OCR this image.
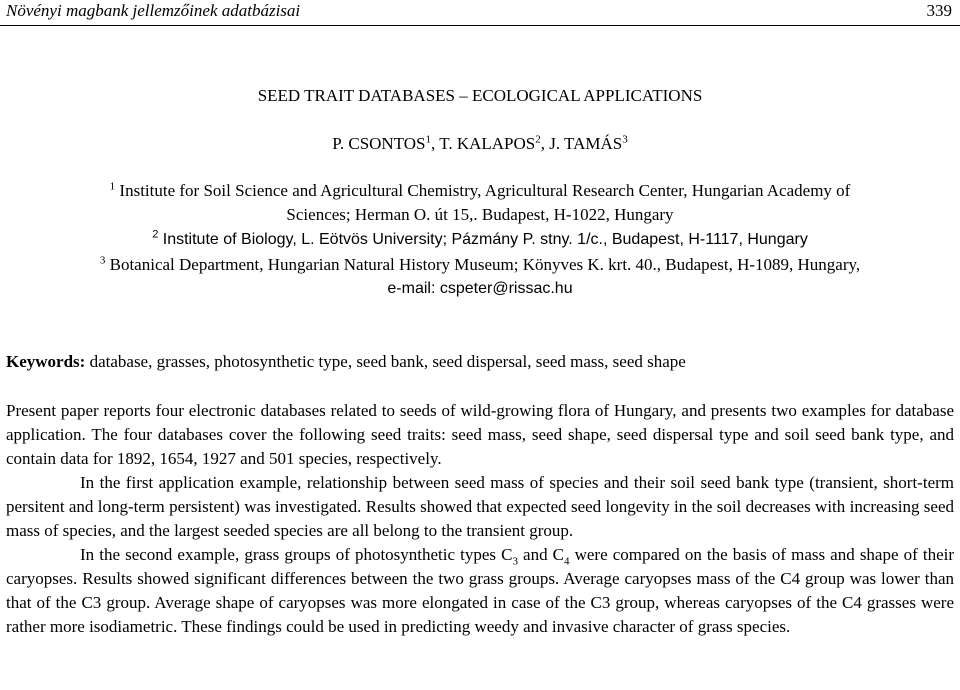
Növényi magbank jellemzőinek adatbázisai	339
SEED TRAIT DATABASES – ECOLOGICAL APPLICATIONS
P. CSONTOS$^1$, T. KALAPOS$^2$, J. TAMÁS$^3$
$^1$ Institute for Soil Science and Agricultural Chemistry, Agricultural Research Center, Hungarian Academy of
Sciences; Herman O. út 15,. Budapest, H-1022, Hungary
$^2$ Institute of Biology, L. Eötvös University; Pázmány P. stny. 1/c., Budapest, H-1117, Hungary
$^3$ Botanical Department, Hungarian Natural History Museum; Könyves K. krt. 40., Budapest, H-1089, Hungary,
e-mail: cspeter@rissac.hu
Keywords: database, grasses, photosynthetic type, seed bank, seed dispersal, seed mass, seed shape

Present paper reports four electronic databases related to seeds of wild-growing flora of Hungary, and presents two examples for database application. The four databases cover the following seed traits: seed mass, seed shape, seed dispersal type and soil seed bank type, and contain data for 1892, 1654, 1927 and 501 species, respectively.

In the first application example, relationship between seed mass of species and their soil seed bank type (transient, short-term persitent and long-term persistent) was investigated. Results showed that expected seed longevity in the soil decreases with increasing seed mass of species, and the largest seeded species are all belong to the transient group.

In the second example, grass groups of photosynthetic types $C_3$ and $C_4$ were compared on the basis of mass and shape of their caryopses. Results showed significant differences between the two grass groups. Average caryopses mass of the C4 group was lower than that of the C3 group. Average shape of caryopses was more elongated in case of the C3 group, whereas caryopses of the C4 grasses were rather more isodiametric. These findings could be used in predicting weedy and invasive character of grass species.
